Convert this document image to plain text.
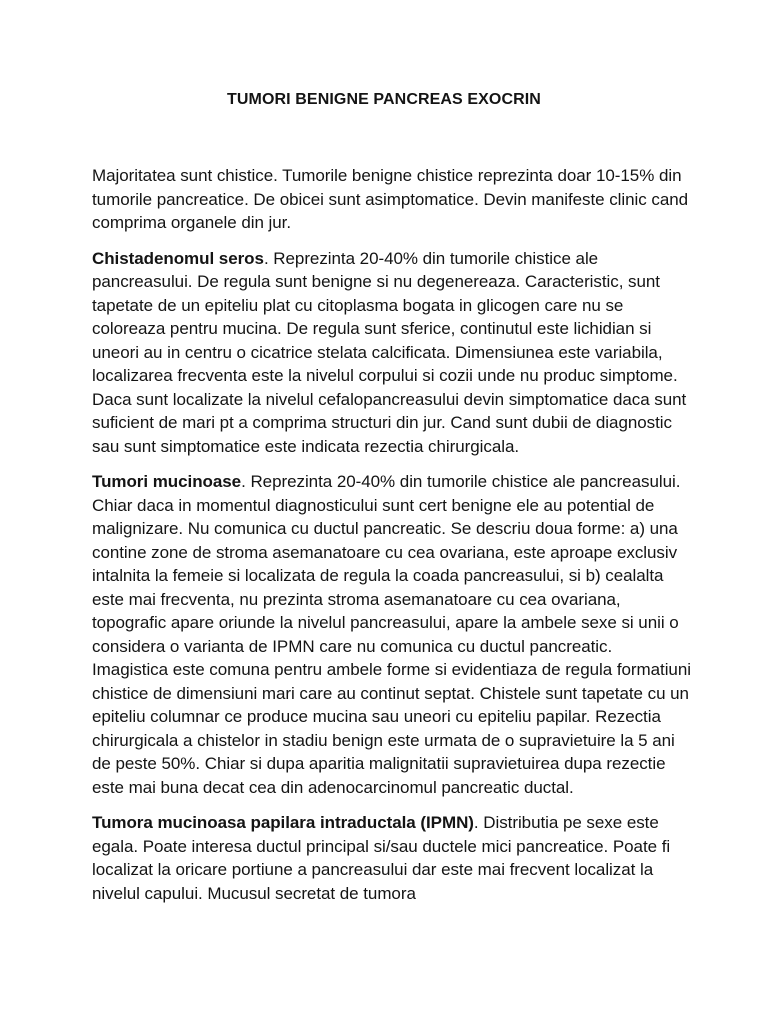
TUMORI BENIGNE PANCREAS EXOCRIN

Majoritatea sunt chistice. Tumorile benigne chistice reprezinta doar 10-15% din tumorile pancreatice. De obicei sunt asimptomatice. Devin manifeste clinic cand comprima organele din jur.

Chistadenomul seros. Reprezinta 20-40% din tumorile chistice ale pancreasului. De regula sunt benigne si nu degenereaza. Caracteristic, sunt tapetate de un epiteliu plat cu citoplasma bogata in glicogen care nu se coloreaza pentru mucina. De regula sunt sferice, continutul este lichidian si uneori au in centru o cicatrice stelata calcificata. Dimensiunea este variabila, localizarea frecventa este la nivelul corpului si cozii unde nu produc simptome. Daca sunt localizate la nivelul cefalopancreasului devin simptomatice daca sunt suficient de mari pt a comprima structuri din jur. Cand sunt dubii de diagnostic sau sunt simptomatice este indicata rezectia chirurgicala.

Tumori mucinoase. Reprezinta 20-40% din tumorile chistice ale pancreasului. Chiar daca in momentul diagnosticului sunt cert benigne ele au potential de malignizare. Nu comunica cu ductul pancreatic. Se descriu doua forme: a) una contine zone de stroma asemanatoare cu cea ovariana, este aproape exclusiv intalnita la femeie si localizata de regula la coada pancreasului, si b) cealalta este mai frecventa, nu prezinta stroma asemanatoare cu cea ovariana, topografic apare oriunde la nivelul pancreasului, apare la ambele sexe si unii o considera o varianta de IPMN care nu comunica cu ductul pancreatic. Imagistica este comuna pentru ambele forme si evidentiaza de regula formatiuni chistice de dimensiuni mari care au continut septat. Chistele sunt tapetate cu un epiteliu columnar ce produce mucina sau uneori cu epiteliu papilar. Rezectia chirurgicala a chistelor in stadiu benign este urmata de o supravietuire la 5 ani de peste 50%. Chiar si dupa aparitia malignitatii supravietuirea dupa rezectie este mai buna decat cea din adenocarcinomul pancreatic ductal.

Tumora mucinoasa papilara intraductala (IPMN). Distributia pe sexe este egala. Poate interesa ductul principal si/sau ductele mici pancreatice. Poate fi localizat la oricare portiune a pancreasului dar este mai frecvent localizat la nivelul capului. Mucusul secretat de tumora
